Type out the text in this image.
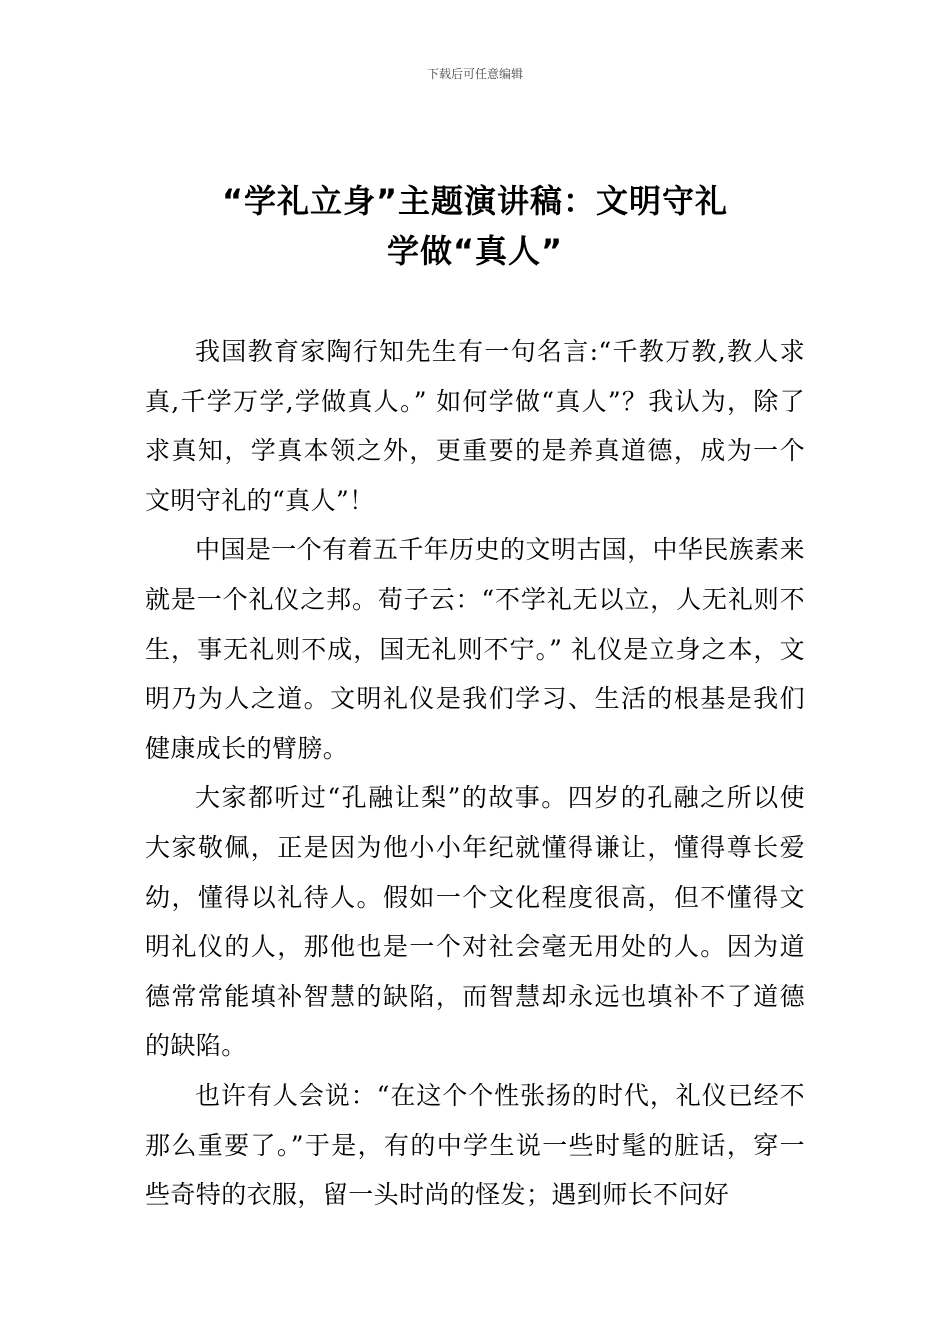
下载后可任意编辑
“学礼立身”主题演讲稿：文明守礼
学做“真人”

我国教育家陶行知先生有一句名言:“千教万教,教人求真,千学万学,学做真人。” 如何学做“真人”？我认为，除了求真知，学真本领之外，更重要的是养真道德，成为一个文明守礼的“真人”！

中国是一个有着五千年历史的文明古国，中华民族素来就是一个礼仪之邦。荀子云：“不学礼无以立，人无礼则不生，事无礼则不成，国无礼则不宁。” 礼仪是立身之本，文明乃为人之道。文明礼仪是我们学习、生活的根基是我们健康成长的臂膀。

大家都听过“孔融让梨”的故事。四岁的孔融之所以使大家敬佩，正是因为他小小年纪就懂得谦让，懂得尊长爱幼，懂得以礼待人。假如一个文化程度很高，但不懂得文明礼仪的人，那他也是一个对社会毫无用处的人。因为道德常常能填补智慧的缺陷，而智慧却永远也填补不了道德的缺陷。

也许有人会说：“在这个个性张扬的时代，礼仪已经不那么重要了。”于是，有的中学生说一些时髦的脏话，穿一些奇特的衣服，留一头时尚的怪发；遇到师长不问好
